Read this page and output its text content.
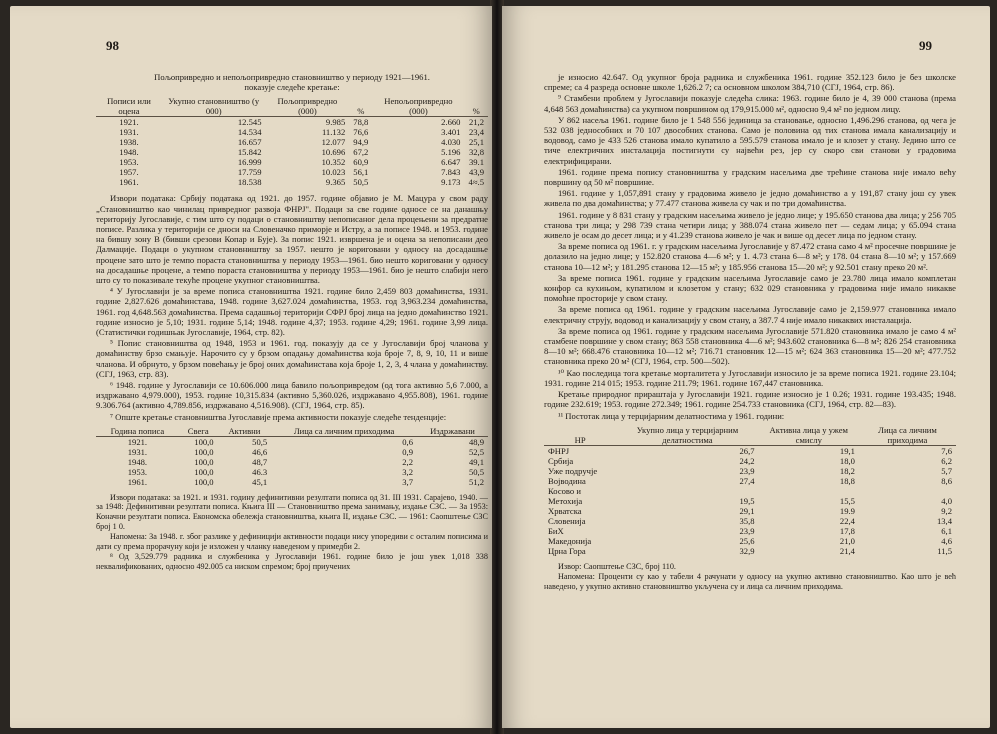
98

Пољопривредно и непољопривредно становништво у периоду 1921—1961.

показује следеће кретање:

Пописи или оцена	Укупно становништво (у 000)	Пољопривредно (000)	%	Непољопривредно (000)	%
1921.	12.545	9.985	78,8	2.660	21,2
1931.	14.534	11.132	76,6	3.401	23,4
1938.	16.657	12.077	94,9	4.030	25,1
1948.	15.842	10.696	67,2	5.196	32,8
1953.	16.999	10.352	60,9	6.647	39.1
1957.	17.759	10.023	56,1	7.843	43,9
1961.	18.538	9.365	50,5	9.173	4≈.5

Извори података: Србију података од 1921. до 1957. године објавио је М. Мацура у свом раду „Становништво као чинилац привредног развоја ФНРЈ". Подаци за све године односе се на данашњу територију Југославије, с тим што су подаци о становништву непописаног дела процењени за предратне пописе. Разлика у територији се дноси на Словеначко приморје и Истру, а за пописе 1948. и 1953. године на бившу зону В (бивши срезови Копар и Бује). За попис 1921. извршена је и оцена за непописани део Далмације. Подаци о укупном становништву за 1957. нешто је кориговани у односу на досадашње процене зато што је темпо пораста становништва у периоду 1953—1961. био нешто кориговани у односу на досадашње процене, а темпо пораста становништва у периоду 1953—1961. био је нешто слабији него што су то показивале текуће процене укупног становништва.

⁴ У Југославији је за време пописа становништва 1921. године било 2,459 803 домаћинства, 1931. године 2,827.626 домаћинстава, 1948. године 3,627.024 домаћинства, 1953. год 3,963.234 домаћинства, 1961. год 4,648.563 домаћинства. Према садашњој територији СФРЈ број лица на једно домаћинство 1921. године износио је 5,10; 1931. године 5,14; 1948. године 4,37; 1953. године 4,29; 1961. године 3,99 лица. (Статистички годишњак Југославије, 1964, стр. 82).

⁵ Попис становништва од 1948, 1953 и 1961. год. показују да се у Југославији број чланова у домаћинству брзо смањује. Нарочито су у брзом опадању домаћинства која броје 7, 8, 9, 10, 11 и више чланова. И обрнуто, у брзом повећању је број оних домаћинстава која броје 1, 2, 3, 4 члана у домаћинству. (СГЈ, 1963, стр. 83).

⁶ 1948. године у Југославији се 10.606.000 лица бавило пољопривредом (од тога активно 5,6 7.000, а издржавано 4,979.000), 1953. године 10,315.834 (активно 5,360.026, издржавано 4,955.808), 1961. године 9.306.764 (активно 4,789.856, издржавано 4,516.908). (СГЈ, 1964, стр. 85).

⁷ Опште кретање становништва Југославије према активности показује следеће тенденције:

Година пописа	Свега	Активни	Лица са личним приходима	Издржавани
1921.	100,0	50,5	0,6	48,9
1931.	100,0	46,6	0,9	52,5
1948.	100,0	48,7	2,2	49,1
1953.	100,0	46.3	3,2	50,5
1961.	100,0	45,1	3,7	51,2

Извори података: за 1921. и 1931. годину дефинитивни резултати пописа од 31. III 1931. Сарајево, 1940. — за 1948: Дефинитивни резултати пописа. Књига III — Становништво према занимању, издање СЗС. — За 1953: Коначни резултати пописа. Економска обележја становништва, књига II, издање СЗС. — 1961: Саопштење СЗС број 1 0.

Напомена: За 1948. г. због разлике у дефиницији активности подаци нису упоредиви с осталим пописима и дати су према прорачуну који је изложен у чланку наведеном у примедби 2.

⁸ Од 3,529.779 радника и службеника у Југославији 1961. године било је још увек 1,018 338 неквалификованих, односно 492.005 са ниском спремом; број приучених

99

је износио 42.647. Од укупног броја радника и службеника 1961. године 352.123 било је без школске спреме; са 4 разреда основне школе 1,626.2 7; са основном школом 384,710 (СГЈ, 1964, стр. 86).

⁹ Стамбени проблем у Југославији показује следећа слика: 1963. године било је 4, 39 000 станова (према 4,648 563 домаћинства) са укупном површином од 179,915.000 м², односно 9,4 м² по једном лицу.

У 862 насеља 1961. године било је 1 548 556 јединица за становање, односно 1,496.296 станова, од чега је 532 038 једнособних и 70 107 двособних станова. Само је половина од тих станова имала канализацију и водовод, само је 433 526 станова имало купатило а 595.579 станова имало је и клозет у стану. Једино што се тиче електричних инсталација постигнути су највећи рез, јер су скоро сви станови у градовима електрифицирани.

1961. године према попису становништва у градским насељима две трећине станова није имало већу површину од 50 м² површине.

1961. године у 1,057,891 стану у градовима живело је једно домаћинство а у 191,87 стану још су увек живела по два домаћинства; у 77.477 станова живела су чак и по три домаћинства.

1961. године у 8 831 стану у градским насељима живело је једно лице; у 195.650 станова два лица; у 256 705 станова три лица; у 298 739 стана четири лица; у 388.074 стана живело пет — седам лица; у 65.094 стана живело је осам до десет лица; и у 41.239 станова живело је чак и више од десет лица по једном стану.

За време пописа од 1961. г. у градским насељима Југославије у 87.472 стана само 4 м² просечне површине је долазило на једно лице; у 152.820 станова 4—6 м²; у 1. 4.73 стана 6—8 м²; у 178. 04 стана 8—10 м²; у 157.669 станова 10—12 м²; у 181.295 станова 12—15 м²; у 185.956 станова 15—20 м²; у 92.501 стану преко 20 м².

За време пописа 1961. године у градским насељима Југославије само је 23.780 лица имало комплетан конфор са кухињом, купатилом и клозетом у стану; 632 029 становника у градовима није имало никакве помоћне просторије у свом стану.

За време пописа од 1961. године у градским насељима Југославије само је 2,159.977 становника имало електричну струју, водовод и канализацију у свом стану, а 387.7 4 није имало никаквих инсталација.

За време пописа од 1961. године у градским насељима Југославије 571.820 становника имало је само 4 м² стамбене површине у свом стану; 863 558 становника 4—6 м²; 943.602 становника 6—8 м²; 826 254 становника 8—10 м²; 668.476 становника 10—12 м²; 716.71 становник 12—15 м²; 624 363 становника 15—20 м²; 477.752 становника преко 20 м² (СГЈ, 1964, стр. 500—502).

¹⁰ Као последица тога кретање морталитета у Југославији износило је за време пописа 1921. године 23.104; 1931. године 214 015; 1953. године 211.79; 1961. године 167,447 становника.

Кретање природног прираштаја у Југославији 1921. године износио је 1 0.26; 1931. године 193.435; 1948. године 232.619; 1953. године 272.349; 1961. године 254.733 становника (СГЈ, 1964, стр. 82—83).

¹¹ Постотак лица у терцијарним делатностима у 1961. години:

НР	Укупно лица у терцијарним делатностима	Активна лица у ужем смислу	Лица са личним приходима
ФНРЈ	26,7	19,1	7,6
Србија	24,2	18,0	6,2
Уже подручје	23,9	18,2	5,7
Војводина	27,4	18,8	8,6
Косово и Метохија	19,5	15,5	4,0
Хрватска	29,1	19.9	9,2
Словенија	35,8	22,4	13,4
БиХ	23,9	17,8	6,1
Македонија	25,6	21,0	4,6
Црна Гора	32,9	21,4	11,5

Извор: Саопштење СЗС, број 110.

Напомена: Проценти су као у табели 4 рачунати у односу на укупно активно становништво. Као што је већ наведено, у укупно активно становништво укључена су и лица са личним приходима.
